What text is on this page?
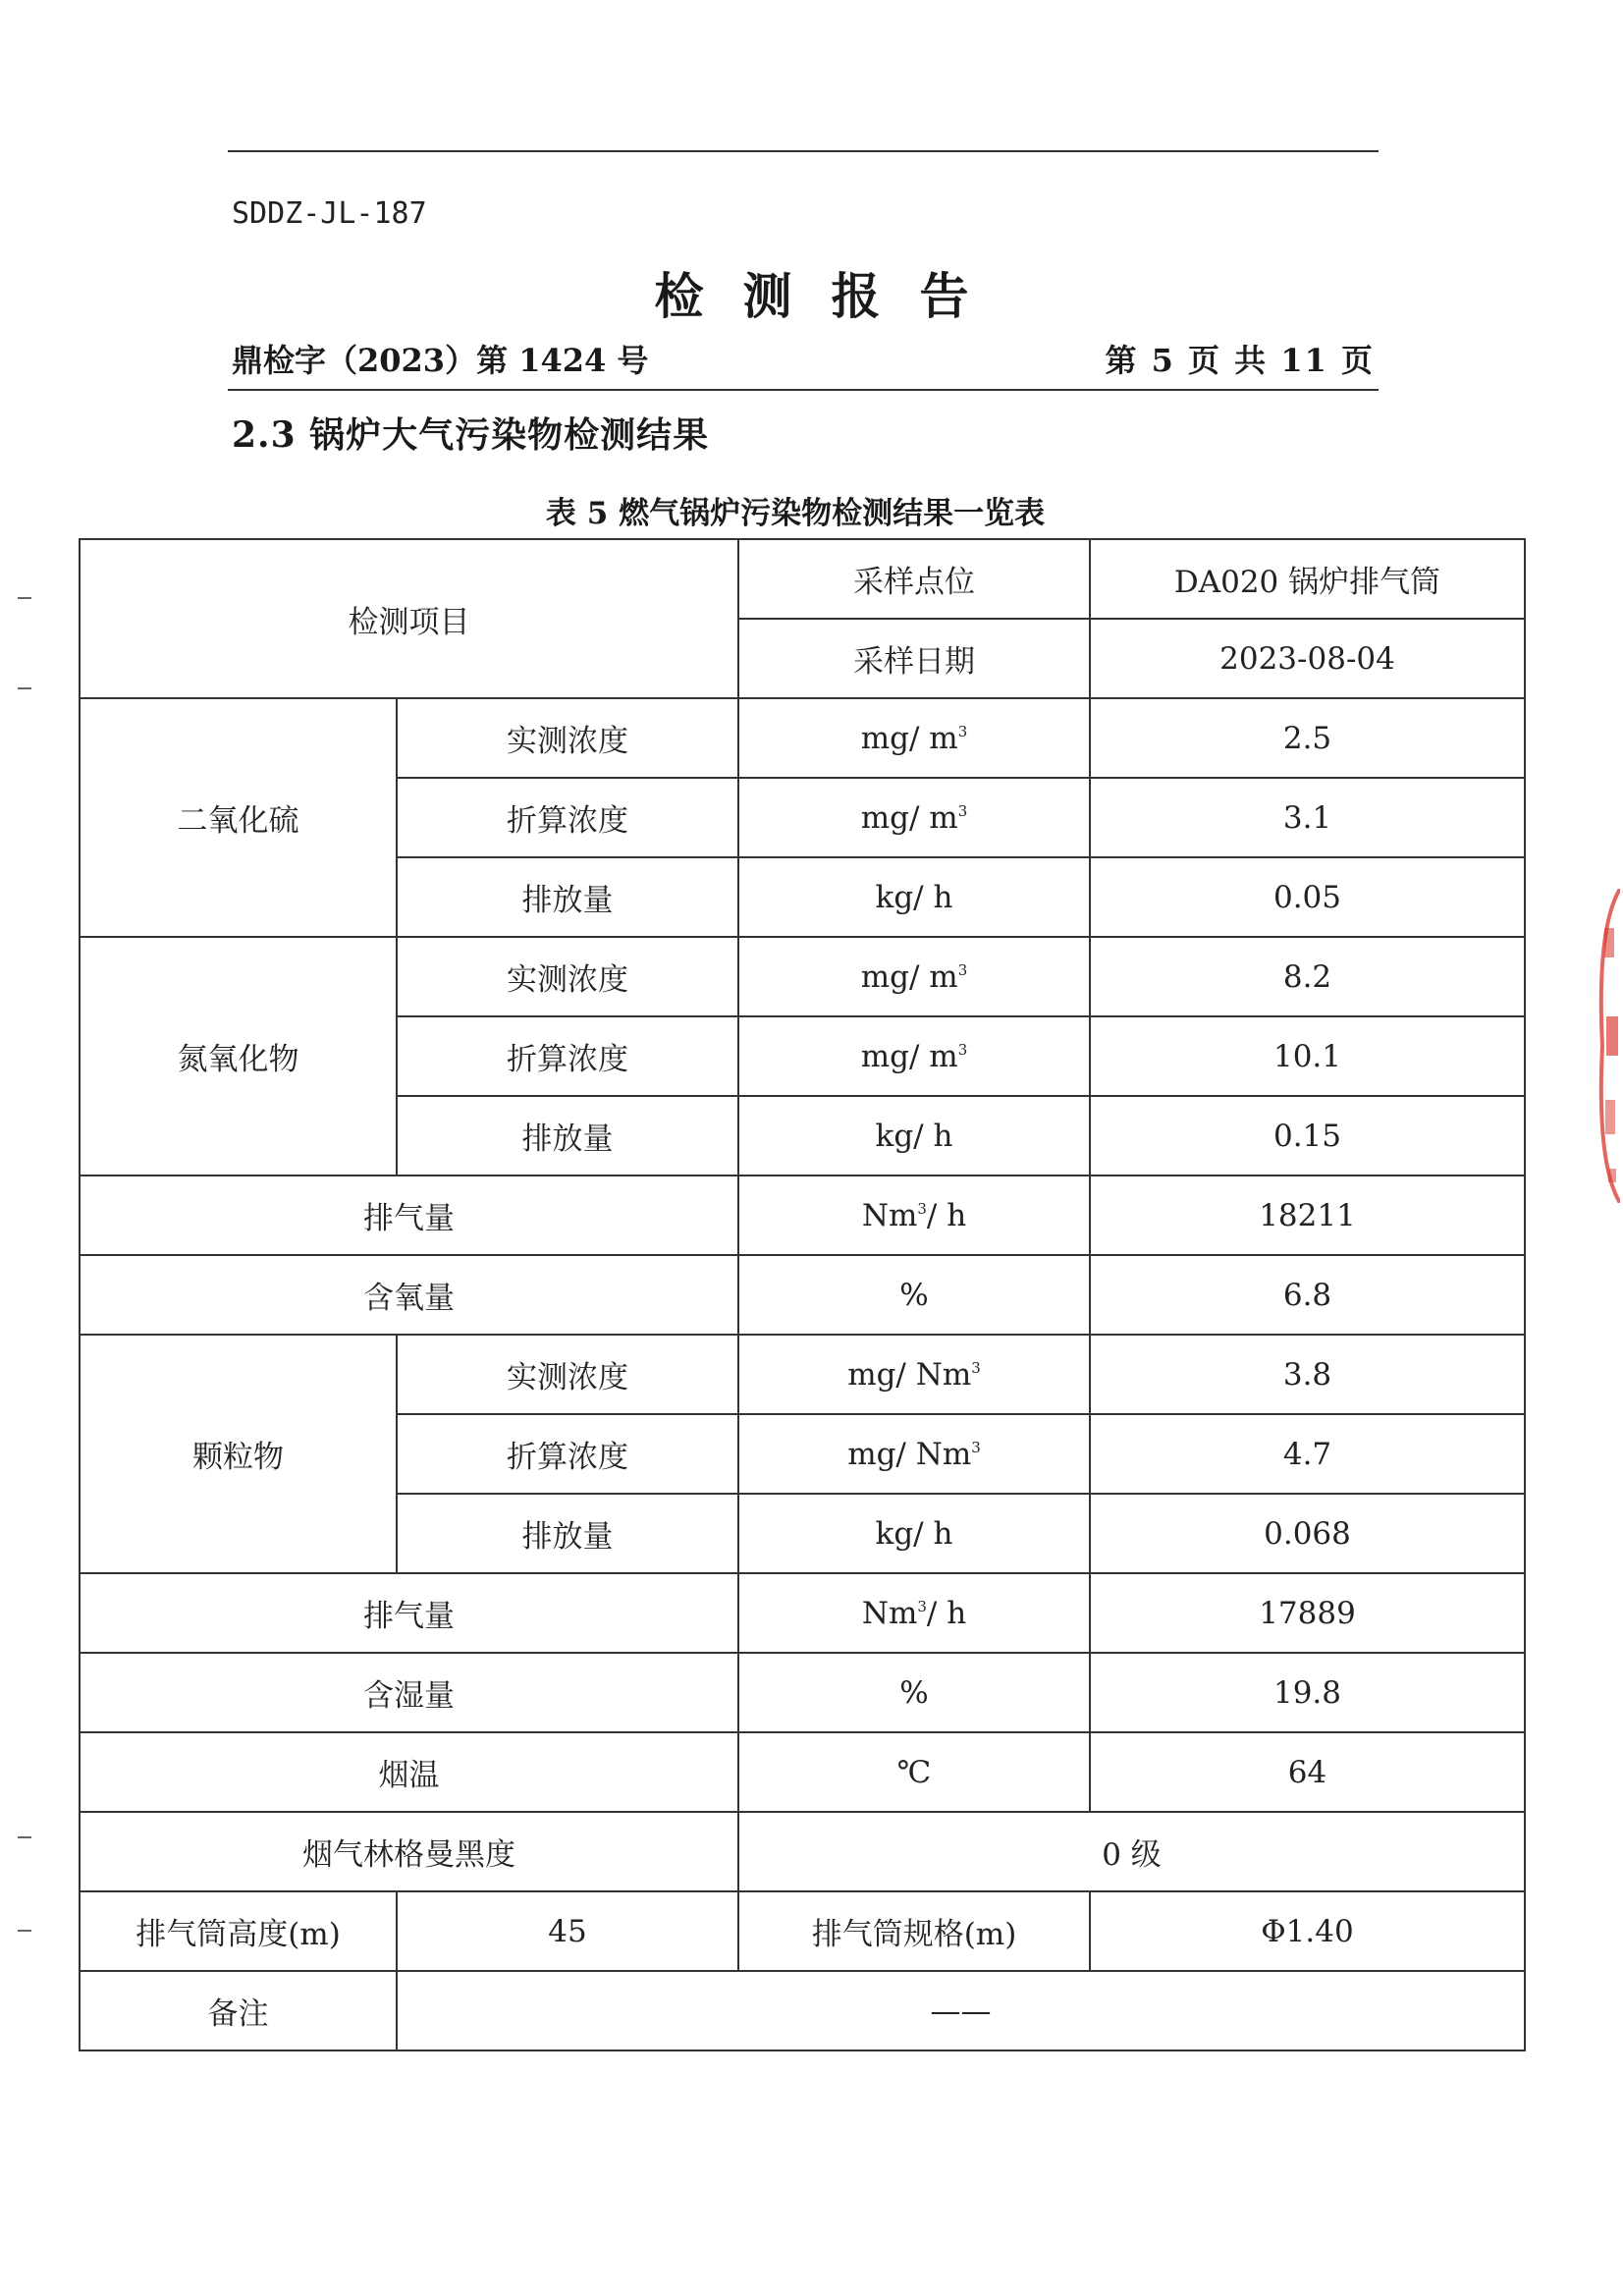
SDDZ-JL-187
检测报告
鼎检字（2023）第 1424 号	第 5 页 共 11 页
2.3 锅炉大气污染物检测结果
表 5 燃气锅炉污染物检测结果一览表
检测项目		采样点位	DA020 锅炉排气筒
		采样日期	2023-08-04
二氧化硫	实测浓度	mg/ $m^3$	2.5
	折算浓度	mg/ $m^3$	3.1
	排放量	kg/ h	0.05
氮氧化物	实测浓度	mg/ $m^3$	8.2
	折算浓度	mg/ $m^3$	10.1
	排放量	kg/ h	0.15
排气量		Nm$^3$/ h	18211
含氧量		%	6.8
颗粒物	实测浓度	mg/ Nm$^3$	3.8
	折算浓度	mg/ Nm$^3$	4.7
	排放量	kg/ h	0.068
排气量		Nm$^3$/ h	17889
含湿量		%	19.8
烟温		℃	64
烟气林格曼黑度		0 级	
排气筒高度(m)	45	排气筒规格(m)	Φ1.40
备注	——		
